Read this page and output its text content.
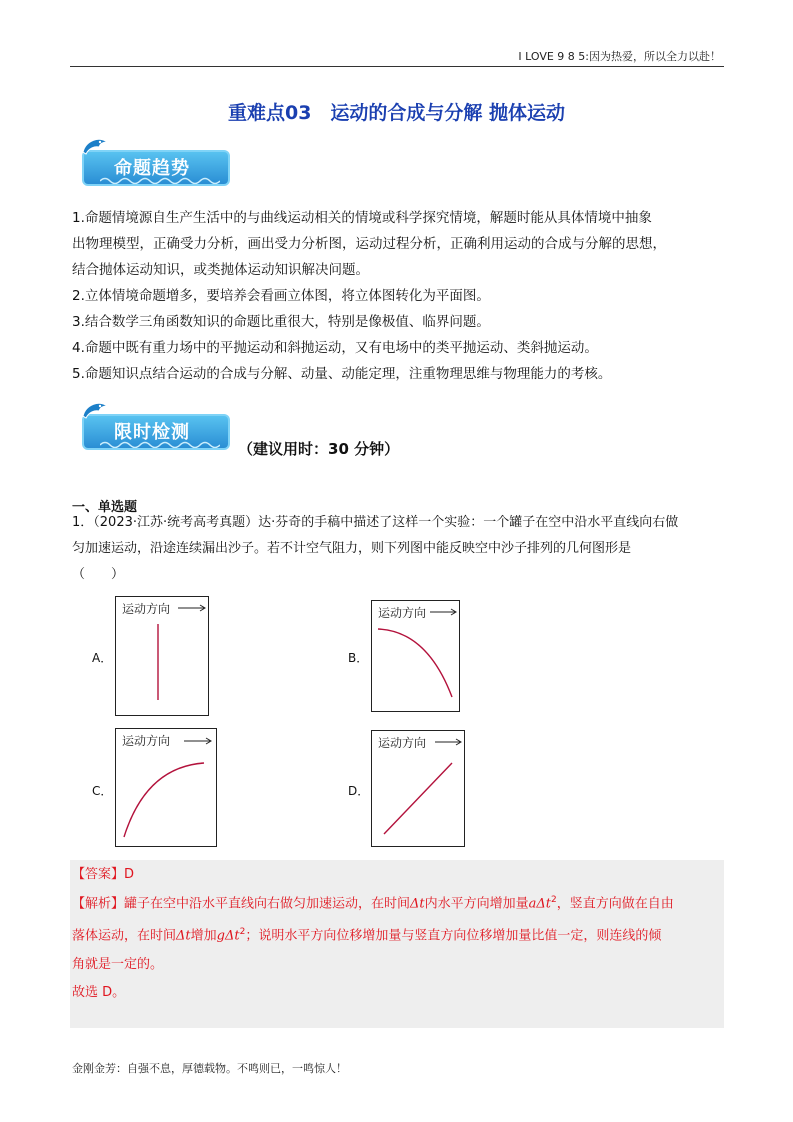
I LOVE 9 8 5:因为热爱，所以全力以赴！
重难点03　运动的合成与分解 抛体运动
命题趋势
1.命题情境源自生产生活中的与曲线运动相关的情境或科学探究情境，解题时能从具体情境中抽象
出物理模型，正确受力分析，画出受力分析图，运动过程分析，正确利用运动的合成与分解的思想，
结合抛体运动知识，或类抛体运动知识解决问题。
2.立体情境命题增多，要培养会看画立体图，将立体图转化为平面图。
3.结合数学三角函数知识的命题比重很大，特别是像极值、临界问题。
4.命题中既有重力场中的平抛运动和斜抛运动，又有电场中的类平抛运动、类斜抛运动。
5.命题知识点结合运动的合成与分解、动量、动能定理，注重物理思维与物理能力的考核。
限时检测
（建议用时：30 分钟）
一、单选题
1．（2023·江苏·统考高考真题）达·芬奇的手稿中描述了这样一个实验：一个罐子在空中沿水平直线向右做
匀加速运动，沿途连续漏出沙子。若不计空气阻力，则下列图中能反映空中沙子排列的几何图形是
（　　）
A．
运动方向
B．
运动方向
C．
运动方向
D．
运动方向
【答案】D
【解析】罐子在空中沿水平直线向右做匀加速运动，在时间Δt内水平方向增加量aΔt$^2$，竖直方向做在自由
落体运动，在时间Δt增加gΔt$^2$；说明水平方向位移增加量与竖直方向位移增加量比值一定，则连线的倾
角就是一定的。
故选 D。
金刚金芳：自强不息，厚德载物。不鸣则已，一鸣惊人！
